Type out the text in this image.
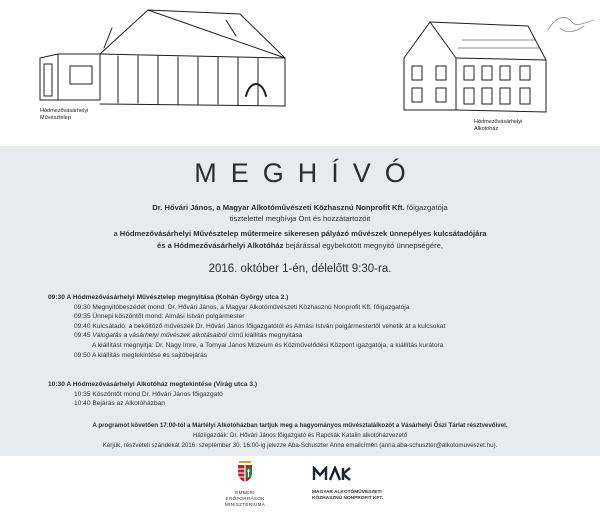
Hódmezővásárhelyi
Művésztelep
Hódmezővásárhelyi
Alkotóház
MEGHÍVÓ
Dr. Hővári János, a Magyar Alkotóművészeti Közhasznú Nonprofit Kft. főigazgatója
tisztelettel meghívja Önt és hozzátartozóit
a Hódmezővásárhelyi Művésztelep műtermeire sikeresen pályázó művészek ünnepélyes kulcsátadójára
és a Hódmezővásárhelyi Alkotóház bejárással egybekötött megnyitó ünnepségére,
2016. október 1-én, délelőtt 9:30-ra.
09:30 A Hódmezővásárhelyi Művésztelep megnyitása (Kohán György utca 2.)
09:30 Megnyitóbeszédet mond: Dr. Hővári János, a Magyar Alkotóművészeti Közhasznú Nonprofit Kft. főigazgatója
09:35 Ünnepi köszöntőt mond: Almási István polgármester
09:40 Kulcsátadó: a beköltöző művészek Dr. Hővári János főigazgatótól és Almási István polgármestertől vehetik át a kulcsokat
09:45 Válogatás a vásárhelyi művészek alkotásaiból című kiállítás megnyitása
A kiállítást megnyitja: Dr. Nagy Imre, a Tornyai János Múzeum és Közművelődési Központ igazgatója, a kiállítás kurátora
09:50 A kiállítás megtekintése és sajtóbejárás
10:30 A Hódmezővásárhelyi Alkotóház megtekintése (Virág utca 3.)
10:35 Köszöntőt mond Dr. Hővári János főigazgató
10:40 Bejárás az Alkotóházban
A programot követően 17:00-tól a Mártélyi Alkotóházban tartjuk meg a hagyományos művésztalálkozót a Vásárhelyi Őszi Tárlat résztvevőivel.
Háziigazdák: Dr. Hővári János főigazgató és Rapcsák Katalin alkotóházvezető
Kérjük, részvételi szándékát 2016. szeptember 30. 16:00-ig jelezze Aba-Schuszter Anna emailcímén (anna.aba-schuszter@alkotomuveszet.hu).
EMBERI ERŐFORRÁSOK
MINISZTÉRIUMA
MAGYAR ALKOTÓMŰVÉSZETI
KÖZHASZNÚ NONPROFIT KFT.
